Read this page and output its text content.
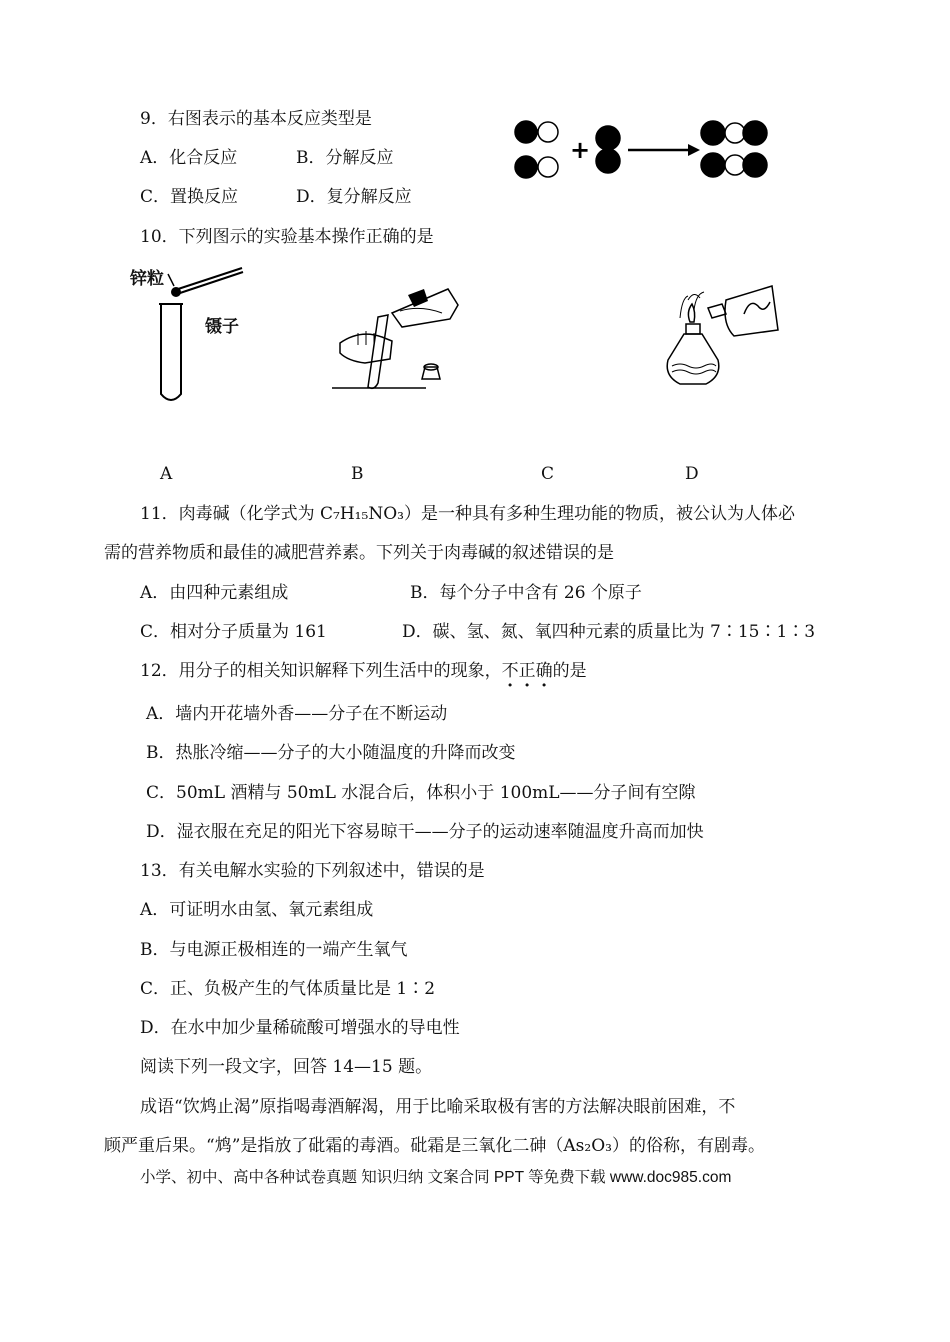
9．右图表示的基本反应类型是
A．化合反应	B．分解反应
C．置换反应	D．复分解反应
+
10．下列图示的实验基本操作正确的是
锌粒
镊子
A	B	C	D
11．肉毒碱（化学式为 C₇H₁₅NO₃）是一种具有多种生理功能的物质，被公认为人体必
需的营养物质和最佳的减肥营养素。下列关于肉毒碱的叙述错误的是
A．由四种元素组成	B．每个分子中含有 26 个原子
C．相对分子质量为 161	D．碳、氢、氮、氧四种元素的质量比为 7∶15∶1∶3
12．用分子的相关知识解释下列生活中的现象，不正确的是
A．墙内开花墙外香——分子在不断运动
B．热胀冷缩——分子的大小随温度的升降而改变
C．50mL 酒精与 50mL 水混合后，体积小于 100mL——分子间有空隙
D．湿衣服在充足的阳光下容易晾干——分子的运动速率随温度升高而加快
13．有关电解水实验的下列叙述中，错误的是
A．可证明水由氢、氧元素组成
B．与电源正极相连的一端产生氧气
C．正、负极产生的气体质量比是 1∶2
D．在水中加少量稀硫酸可增强水的导电性
阅读下列一段文字，回答 14—15 题。
成语“饮鸩止渴”原指喝毒酒解渴，用于比喻采取极有害的方法解决眼前困难，不
顾严重后果。“鸩”是指放了砒霜的毒酒。砒霜是三氧化二砷（As₂O₃）的俗称，有剧毒。
小学、初中、高中各种试卷真题 知识归纳 文案合同 PPT 等免费下载 www.doc985.com
